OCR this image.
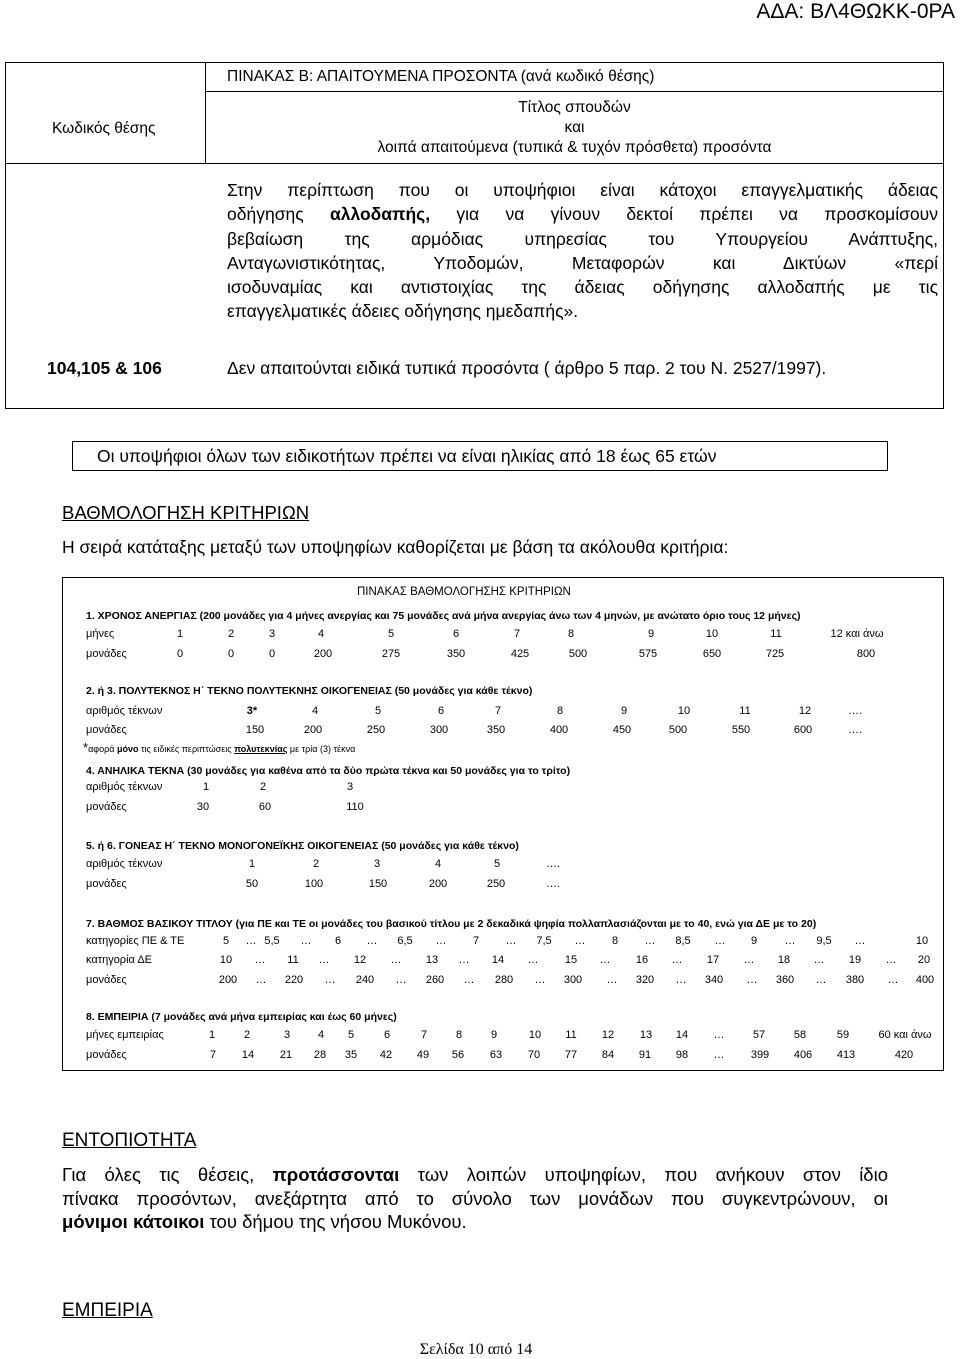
ΑΔΑ: ΒΛ4ΘΩΚΚ-0ΡΑ
ΠΙΝΑΚΑΣ Β: ΑΠΑΙΤΟΥΜΕΝΑ ΠΡΟΣΟΝΤΑ (ανά κωδικό θέσης)
Κωδικός θέσης
Τίτλος σπουδών
και
λοιπά απαιτούμενα (τυπικά & τυχόν πρόσθετα) προσόντα
Στην περίπτωση που οι υποψήφιοι είναι κάτοχοι επαγγελματικής άδειας
οδήγησης αλλοδαπής, για να γίνουν δεκτοί πρέπει να προσκομίσουν
βεβαίωση της αρμόδιας υπηρεσίας του Υπουργείου Ανάπτυξης,
Ανταγωνιστικότητας, Υποδομών, Μεταφορών και Δικτύων «περί
ισοδυναμίας και αντιστοιχίας της άδειας οδήγησης αλλοδαπής με τις
επαγγελματικές άδειες οδήγησης ημεδαπής».
104,105 & 106	Δεν απαιτούνται ειδικά τυπικά προσόντα ( άρθρο 5 παρ. 2 του Ν. 2527/1997).
Οι υποψήφιοι όλων των ειδικοτήτων πρέπει να είναι ηλικίας από 18 έως 65 ετών
ΒΑΘΜΟΛΟΓΗΣΗ ΚΡΙΤΗΡΙΩΝ
Η σειρά κατάταξης μεταξύ των υποψηφίων καθορίζεται με βάση τα ακόλουθα κριτήρια:
ΠΙΝΑΚΑΣ ΒΑΘΜΟΛΟΓΗΣΗΣ ΚΡΙΤΗΡΙΩΝ
1. ΧΡΟΝΟΣ ΑΝΕΡΓΙΑΣ (200 μονάδες για 4 μήνες ανεργίας και 75 μονάδες ανά μήνα ανεργίας άνω των 4 μηνών, με ανώτατο όριο τους 12 μήνες)
μήνες	1	2	3	4	5	6	7	8	9	10	11	12 και άνω
μονάδες	0	0	0	200	275	350	425	500	575	650	725	800
2. ή 3. ΠΟΛΥΤΕΚΝΟΣ Η΄ ΤΕΚΝΟ ΠΟΛΥΤΕΚΝΗΣ ΟΙΚΟΓΕΝΕΙΑΣ (50 μονάδες για κάθε τέκνο)
αριθμός τέκνων	3*	4	5	6	7	8	9	10	11	12	….
μονάδες	150	200	250	300	350	400	450	500	550	600	….
*αφορά μόνο τις ειδικές περιπτώσεις πολυτεκνίας με τρία (3) τέκνα
4. ΑΝΗΛΙΚΑ ΤΕΚΝΑ (30 μονάδες για καθένα από τα δύο πρώτα τέκνα και 50 μονάδες για το τρίτο)
αριθμός τέκνων	1	2	3
μονάδες	30	60	110
5. ή 6. ΓΟΝΕΑΣ Η΄ ΤΕΚΝΟ ΜΟΝΟΓΟΝΕΪΚΗΣ ΟΙΚΟΓΕΝΕΙΑΣ (50 μονάδες για κάθε τέκνο)
αριθμός τέκνων	1	2	3	4	5	….
μονάδες	50	100	150	200	250	….
7. ΒΑΘΜΟΣ ΒΑΣΙΚΟΥ ΤΙΤΛΟΥ (για ΠΕ και ΤΕ οι μονάδες του βασικού τίτλου με 2 δεκαδικά ψηφία πολλαπλασιάζονται με το 40, ενώ για ΔΕ με το 20)
κατηγορίες ΠΕ & ΤΕ	5 … 5,5 … 6 … 6,5 … 7 … 7,5 … 8 … 8,5 … 9 … 9,5 …	10
κατηγορία ΔΕ	10 … 11 … 12 … 13 … 14 … 15 … 16 … 17 … 18 … 19 … 20
μονάδες	200 … 220 … 240 … 260 … 280 … 300 … 320 … 340 … 360 … 380 … 400
8. ΕΜΠΕΙΡΙΑ (7 μονάδες ανά μήνα εμπειρίας και έως 60 μήνες)
μήνες εμπειρίας	1	2	3	4 5	6	7	8	9	10 11 12 13 14 …	57	58	59	60 και άνω
μονάδες	7 14 21 28 35 42 49 56 63 70 77 84 91 98 … 399 406 413	420
ΕΝΤΟΠΙΟΤΗΤΑ
Για όλες τις θέσεις, προτάσσονται των λοιπών υποψηφίων, που ανήκουν στον ίδιο
πίνακα προσόντων, ανεξάρτητα από το σύνολο των μονάδων που συγκεντρώνουν, οι
μόνιμοι κάτοικοι του δήμου της νήσου Μυκόνου.
ΕΜΠΕΙΡΙΑ
Σελίδα 10 από 14
